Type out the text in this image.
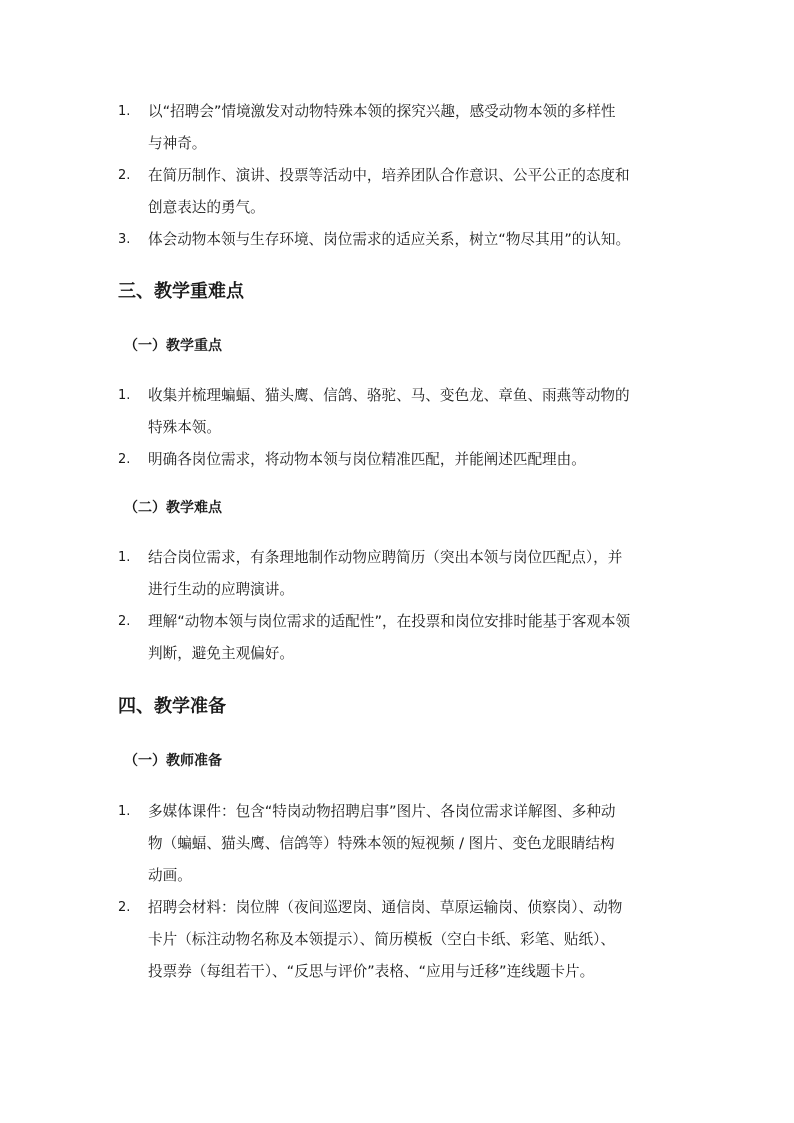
1. 以“招聘会”情境激发对动物特殊本领的探究兴趣，感受动物本领的多样性
与神奇。
2. 在简历制作、演讲、投票等活动中，培养团队合作意识、公平公正的态度和
创意表达的勇气。
3. 体会动物本领与生存环境、岗位需求的适应关系，树立“物尽其用”的认知。
三、教学重难点
（一）教学重点
1. 收集并梳理蝙蝠、猫头鹰、信鸽、骆驼、马、变色龙、章鱼、雨燕等动物的
特殊本领。
2. 明确各岗位需求，将动物本领与岗位精准匹配，并能阐述匹配理由。
（二）教学难点
1. 结合岗位需求，有条理地制作动物应聘简历（突出本领与岗位匹配点），并
进行生动的应聘演讲。
2. 理解“动物本领与岗位需求的适配性”，在投票和岗位安排时能基于客观本领
判断，避免主观偏好。
四、教学准备
（一）教师准备
1. 多媒体课件：包含“特岗动物招聘启事”图片、各岗位需求详解图、多种动
物（蝙蝠、猫头鹰、信鸽等）特殊本领的短视频 / 图片、变色龙眼睛结构
动画。
2. 招聘会材料：岗位牌（夜间巡逻岗、通信岗、草原运输岗、侦察岗）、动物
卡片（标注动物名称及本领提示）、简历模板（空白卡纸、彩笔、贴纸）、
投票券（每组若干）、“反思与评价”表格、“应用与迁移”连线题卡片。
